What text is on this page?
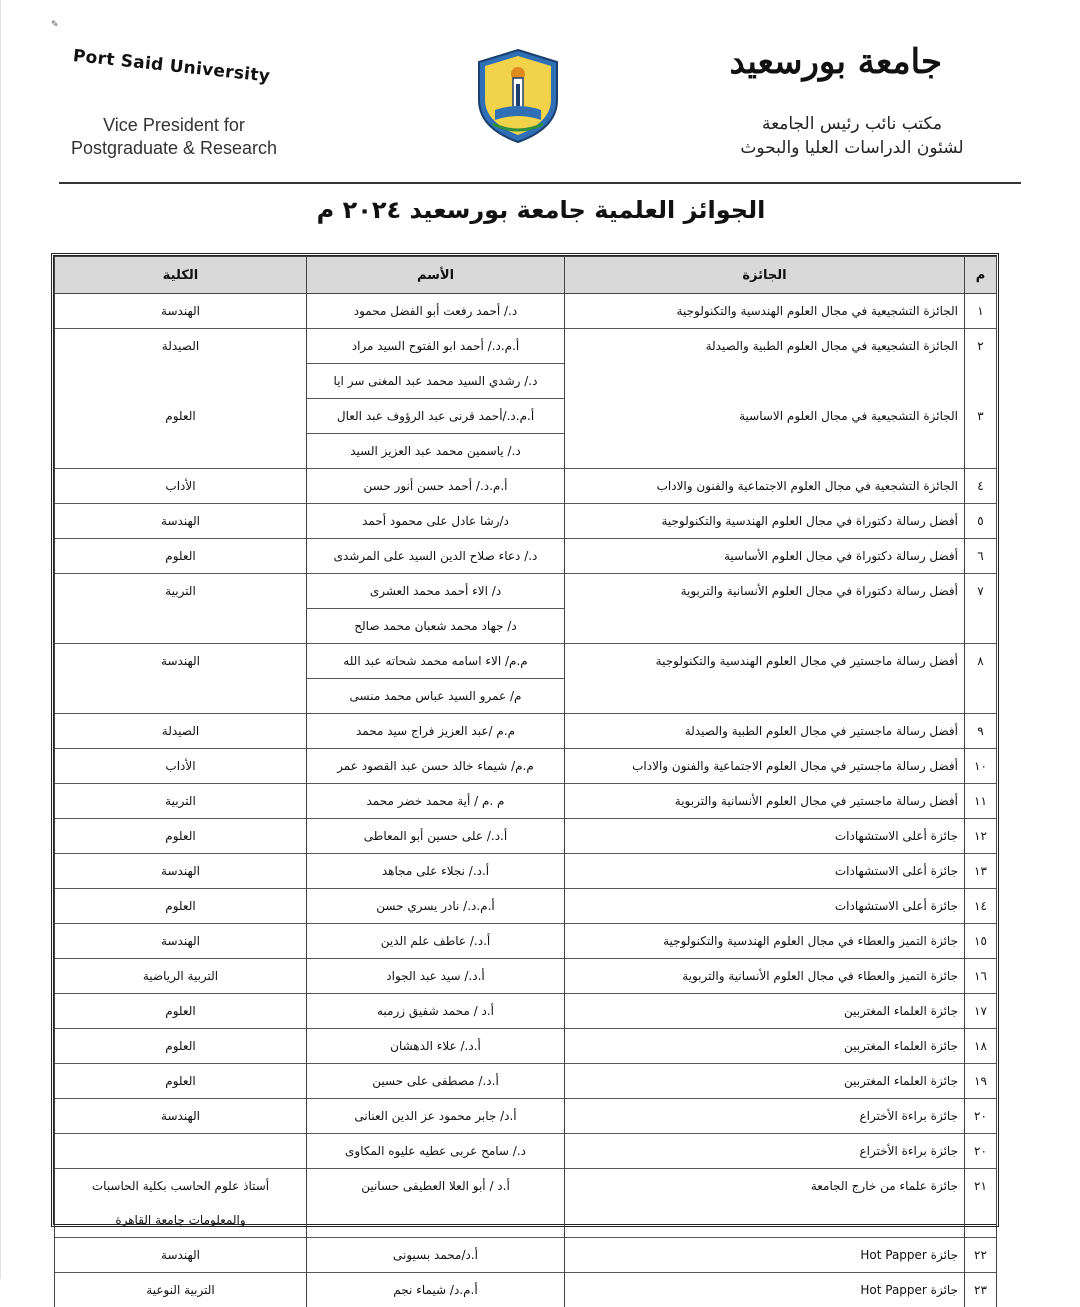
✎
Port Said University
Vice President for
Postgraduate & Research
جامعة بورسعيد
مكتب نائب رئيس الجامعة
لشئون الدراسات العليا والبحوث
الجوائز العلمية جامعة بورسعيد ٢٠٢٤ م
م	الجائزة	الأسم	الكلية
١	الجائزة التشجيعية في مجال العلوم الهندسية والتكنولوجية	د./ أحمد رفعت أبو الفضل محمود	الهندسة
٢	الجائزة التشجيعية في مجال العلوم الطبية والصيدلة	أ.م.د./ أحمد ابو الفتوح السيد مراد	الصيدلة
		د./ رشدي السيد محمد عبد المغنى سر ايا	
٣	الجائزة التشجيعية في مجال العلوم الاساسية	أ.م.د./أحمد قرنى عبد الرؤوف عبد العال	العلوم
		د./ ياسمين محمد عبد العزيز السيد	
٤	الجائزة التشجعية في مجال العلوم الاجتماعية والفنون والاداب	أ.م.د./ أحمد حسن أنور حسن	الأداب
٥	أفضل رسالة دكتوراة في مجال العلوم الهندسية والتكنولوجية	د/رشا عادل على محمود أحمد	الهندسة
٦	أفضل رسالة دكتوراة في مجال العلوم الأساسية	د./ دعاء صلاح الدين السيد على المرشدى	العلوم
٧	أفضل رسالة دكتوراة في مجال العلوم الأنسانية والتربوية	د/ الاء أحمد محمد العشرى	التربية
		د/ جهاد محمد شعبان محمد صالح	
٨	أفضل رسالة ماجستير في مجال العلوم الهندسية والتكنولوجية	م.م/ الاء اسامه محمد شحاته عبد الله	الهندسة
		م/ عمرو السيد عباس محمد منسى	
٩	أفضل رسالة ماجستير في مجال العلوم الطبية والصيدلة	م.م /عبد العزيز فراج سيد محمد	الصيدلة
١٠	أفضل رسالة ماجستير في مجال العلوم الاجتماعية والفنون والاداب	م.م/ شيماء خالد حسن عبد القصود عمر	الأداب
١١	أفضل رسالة ماجستير في مجال العلوم الأنسانية والتربوية	م .م / أية محمد خضر محمد	التربية
١٢	جائزة أعلى الاستشهادات	أ.د./ على حسين أبو المعاطى	العلوم
١٣	جائزة أعلى الاستشهادات	أ.د./ نجلاء على مجاهد	الهندسة
١٤	جائزة أعلى الاستشهادات	أ.م.د./ نادر يسري حسن	العلوم
١٥	جائزة التميز والعطاء في مجال العلوم الهندسية والتكنولوجية	أ.د./ عاطف علم الدين	الهندسة
١٦	جائزة التميز والعطاء في مجال العلوم الأنسانية والتربوية	أ.د./ سيد عبد الجواد	التربية الرياضية
١٧	جائزة العلماء المغتربين	أ.د / محمد شفيق زرمبه	العلوم
١٨	جائزة العلماء المغتربين	أ.د./ علاء الدهشان	العلوم
١٩	جائزة العلماء المغتربين	أ.د./ مصطفى على حسين	العلوم
٢٠	جائزة براءة الأختراع	أ.د/ جابر محمود عز الدين العنانى	الهندسة
٢٠	جائزة براءة الأختراع	د./ سامح عربى عطيه عليوه المكاوى	
٢١	جائزة علماء من خارج الجامعة	أ.د / أبو العلا العطيفى حسانين	أستاذ علوم الحاسب بكلية الحاسبات
			والمعلومات جامعة القاهرة
٢٢	جائزة Hot Papper	أ.د/محمد بسيونى	الهندسة
٢٣	جائزة Hot Papper	أ.م.د/ شيماء نجم	التربية النوعية
